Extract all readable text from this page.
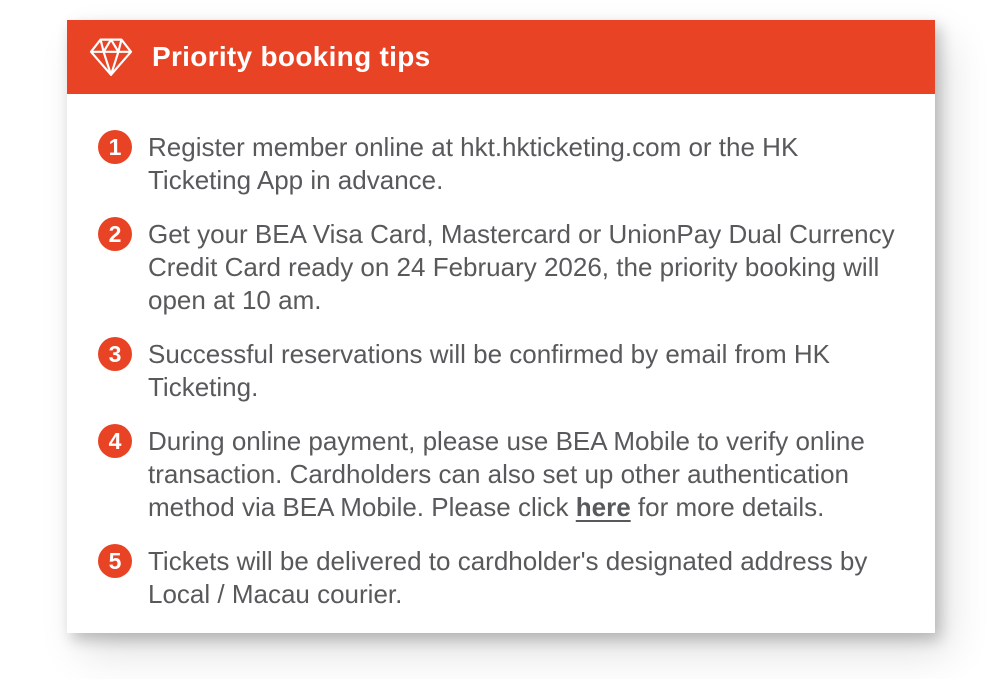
Priority booking tips
1	Register member online at hkt.hkticketing.com or the HK Ticketing App in advance.

2	Get your BEA Visa Card, Mastercard or UnionPay Dual Currency Credit Card ready on 24 February 2026, the priority booking will open at 10 am.

3	Successful reservations will be confirmed by email from HK Ticketing.

4	During online payment, please use BEA Mobile to verify online transaction. Cardholders can also set up other authentication method via BEA Mobile. Please click here for more details.

5	Tickets will be delivered to cardholder's designated address by Local / Macau courier.
